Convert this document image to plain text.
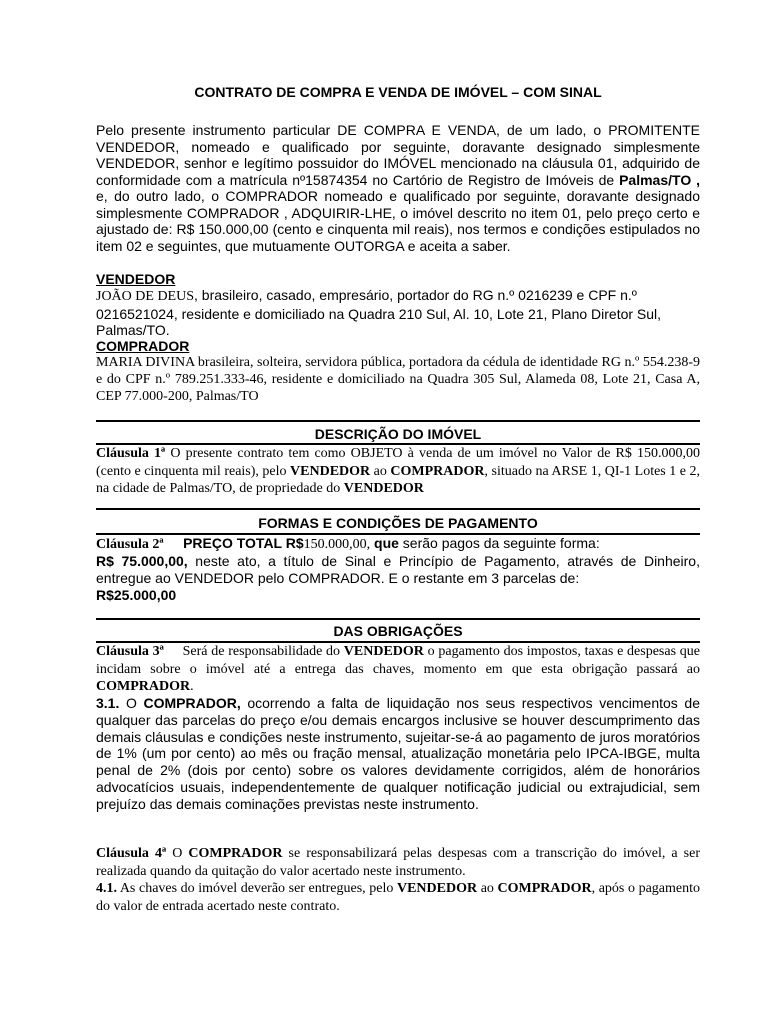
CONTRATO DE COMPRA E VENDA DE IMÓVEL – COM SINAL
Pelo presente instrumento particular DE COMPRA E VENDA, de um lado, o PROMITENTE VENDEDOR, nomeado e qualificado por seguinte, doravante designado simplesmente VENDEDOR, senhor e legítimo possuidor do IMÓVEL mencionado na cláusula 01, adquirido de conformidade com a matrícula nº15874354 no Cartório de Registro de Imóveis de Palmas/TO , e, do outro lado, o COMPRADOR nomeado e qualificado por seguinte, doravante designado simplesmente COMPRADOR , ADQUIRIR-LHE, o imóvel descrito no item 01, pelo preço certo e ajustado de: R$ 150.000,00 (cento e cinquenta mil reais), nos termos e condições estipulados no item 02 e seguintes, que mutuamente OUTORGA e aceita a saber.
VENDEDOR
JOÃO DE DEUS, brasileiro, casado, empresário, portador do RG n.º 0216239 e CPF n.º 0216521024, residente e domiciliado na Quadra 210 Sul, Al. 10, Lote 21, Plano Diretor Sul, Palmas/TO.
COMPRADOR
MARIA DIVINA brasileira, solteira, servidora pública, portadora da cédula de identidade RG n.º 554.238-9 e do CPF n.º 789.251.333-46, residente e domiciliado na Quadra 305 Sul, Alameda 08, Lote 21, Casa A, CEP 77.000-200, Palmas/TO
DESCRIÇÃO DO IMÓVEL
Cláusula 1ª O presente contrato tem como OBJETO à venda de um imóvel no Valor de R$ 150.000,00 (cento e cinquenta mil reais), pelo VENDEDOR ao COMPRADOR, situado na ARSE 1, QI-1 Lotes 1 e 2, na cidade de Palmas/TO, de propriedade do VENDEDOR
FORMAS E CONDIÇÕES DE PAGAMENTO
Cláusula 2ª PREÇO TOTAL R$150.000,00, que serão pagos da seguinte forma:
R$ 75.000,00, neste ato, a título de Sinal e Princípio de Pagamento, através de Dinheiro, entregue ao VENDEDOR pelo COMPRADOR. E o restante em 3 parcelas de:
R$25.000,00
DAS OBRIGAÇÕES
Cláusula 3ª Será de responsabilidade do VENDEDOR o pagamento dos impostos, taxas e despesas que incidam sobre o imóvel até a entrega das chaves, momento em que esta obrigação passará ao COMPRADOR.
3.1. O COMPRADOR, ocorrendo a falta de liquidação nos seus respectivos vencimentos de qualquer das parcelas do preço e/ou demais encargos inclusive se houver descumprimento das demais cláusulas e condições neste instrumento, sujeitar-se-á ao pagamento de juros moratórios de 1% (um por cento) ao mês ou fração mensal, atualização monetária pelo IPCA-IBGE, multa penal de 2% (dois por cento) sobre os valores devidamente corrigidos, além de honorários advocatícios usuais, independentemente de qualquer notificação judicial ou extrajudicial, sem prejuízo das demais cominações previstas neste instrumento.
Cláusula 4ª O COMPRADOR se responsabilizará pelas despesas com a transcrição do imóvel, a ser realizada quando da quitação do valor acertado neste instrumento.
4.1. As chaves do imóvel deverão ser entregues, pelo VENDEDOR ao COMPRADOR, após o pagamento do valor de entrada acertado neste contrato.
